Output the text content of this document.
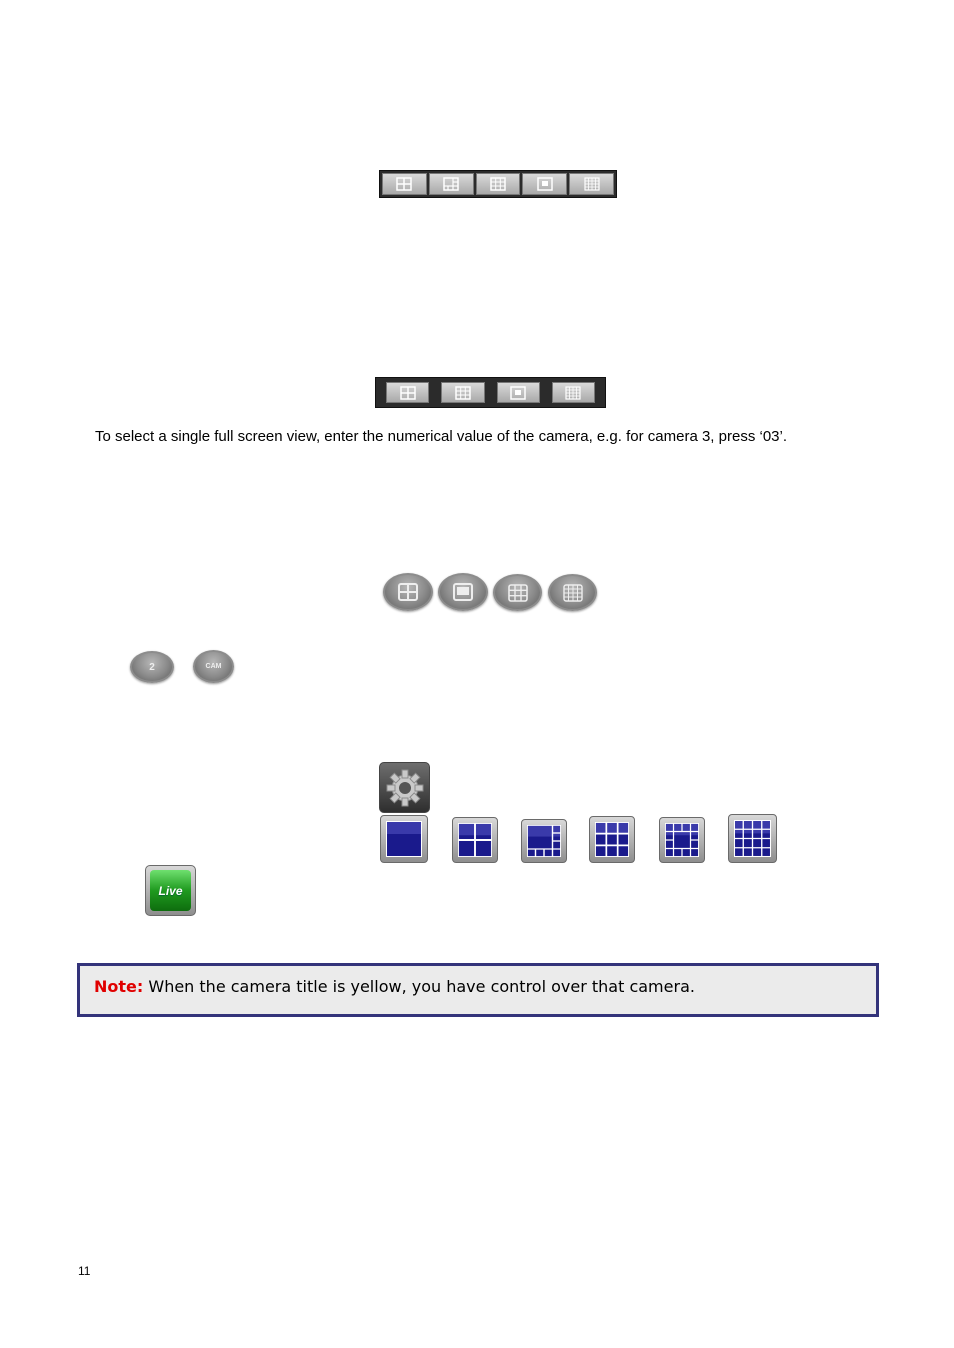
To select a single full screen view, enter the numerical value of the camera, e.g. for camera 3, press ‘03’.
2	CAM
Live
Note: When the camera title is yellow, you have control over that camera.
11
